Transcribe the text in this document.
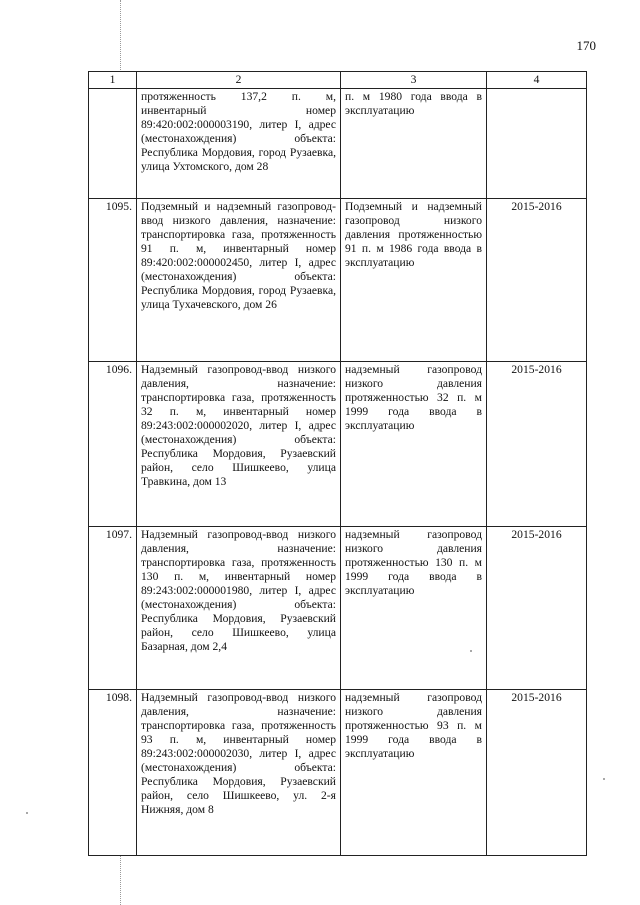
170
1	2	3	4
	протяженность 137,2 п. м, инвентарный номер 89:420:002:000003190, литер I, адрес (местонахождения) объекта: Республика Мордовия, город Рузаевка, улица Ухтомского, дом 28	п. м 1980 года ввода в эксплуатацию	
1095.	Подземный и надземный газопровод-ввод низкого давления, назначение: транспортировка газа, протяженность 91 п. м, инвентарный номер 89:420:002:000002450, литер I, адрес (местонахождения) объекта: Республика Мордовия, город Рузаевка, улица Тухачевского, дом 26	Подземный и надземный газопровод низкого давления протяженностью 91 п. м 1986 года ввода в эксплуатацию	2015-2016
1096.	Надземный газопровод-ввод низкого давления, назначение: транспортировка газа, протяженность 32 п. м, инвентарный номер 89:243:002:000002020, литер I, адрес (местонахождения) объекта: Республика Мордовия, Рузаевский район, село Шишкеево, улица Травкина, дом 13	надземный газопровод низкого давления протяженностью 32 п. м 1999 года ввода в эксплуатацию	2015-2016
1097.	Надземный газопровод-ввод низкого давления, назначение: транспортировка газа, протяженность 130 п. м, инвентарный номер 89:243:002:000001980, литер I, адрес (местонахождения) объекта: Республика Мордовия, Рузаевский район, село Шишкеево, улица Базарная, дом 2,4	надземный газопровод низкого давления протяженностью 130 п. м 1999 года ввода в эксплуатацию	2015-2016
1098.	Надземный газопровод-ввод низкого давления, назначение: транспортировка газа, протяженность 93 п. м, инвентарный номер 89:243:002:000002030, литер I, адрес (местонахождения) объекта: Республика Мордовия, Рузаевский район, село Шишкеево, ул. 2-я Нижняя, дом 8	надземный газопровод низкого давления протяженностью 93 п. м 1999 года ввода в эксплуатацию	2015-2016
